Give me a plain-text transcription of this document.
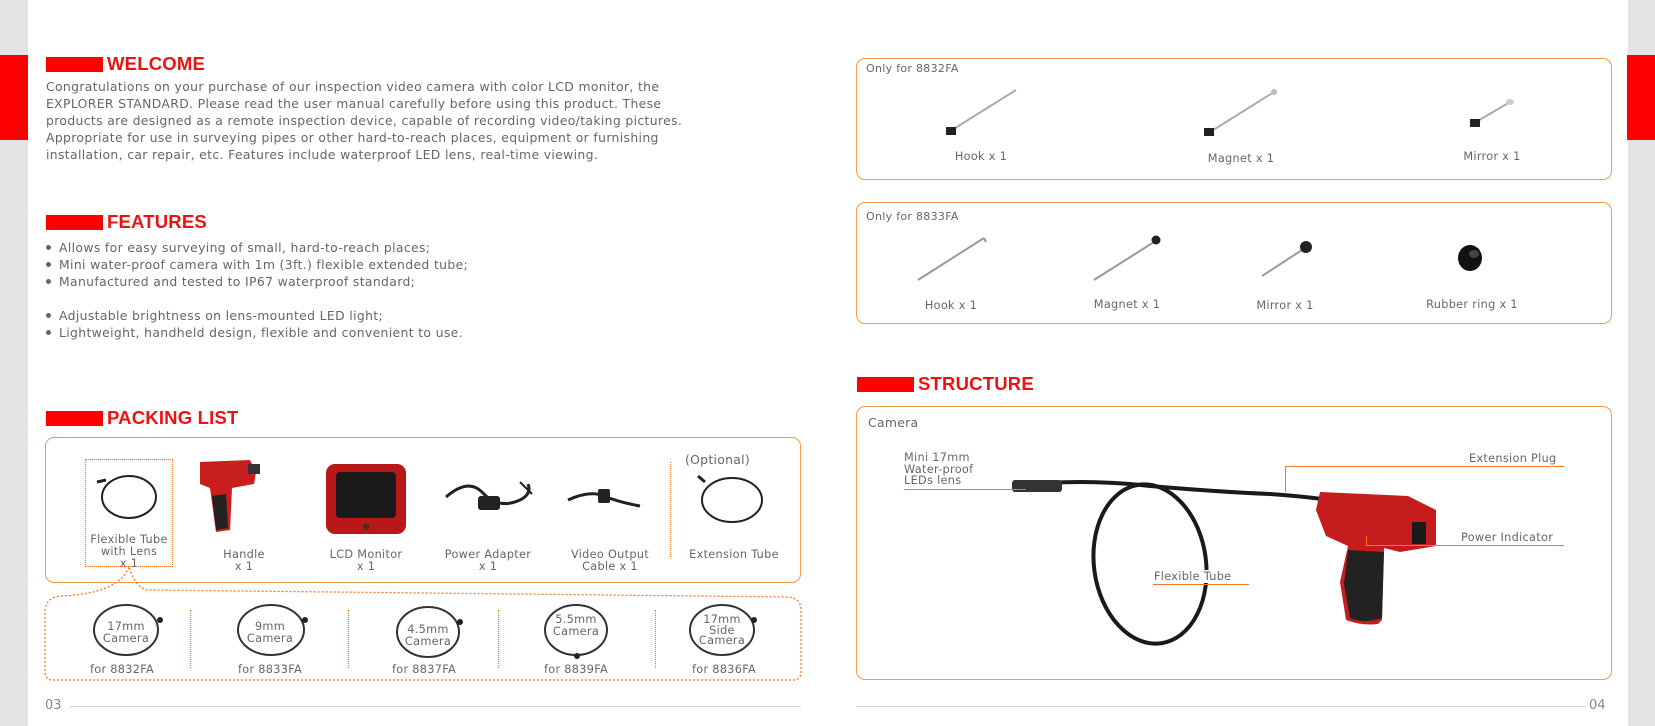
WELCOME
Congratulations on your purchase of our inspection video camera with color LCD monitor, the
EXPLORER STANDARD. Please read the user manual carefully before using this product. These
products are designed as a remote inspection device, capable of recording video/taking pictures.
Appropriate for use in surveying pipes or other hard-to-reach places, equipment or furnishing
installation, car repair, etc. Features include waterproof LED lens, real-time viewing.
FEATURES
Allows for easy surveying of small, hard-to-reach places;
Mini water-proof camera with 1m (3ft.) flexible extended tube;
Manufactured and tested to IP67 waterproof standard;
Adjustable brightness on lens-mounted LED light;
Lightweight, handheld design, flexible and convenient to use.
PACKING LIST
(Optional)
Flexible Tube
with Lens
x 1
Handle
x 1
LCD Monitor
x 1
Power Adapter
x 1
Video Output
Cable x 1
Extension Tube
17mm
Camera
9mm
Camera
4.5mm
Camera
5.5mm
Camera
17mm
Side
Camera
for 8832FA	for 8833FA	for 8837FA	for 8839FA	for 8836FA
03
Only for 8832FA
Hook x 1	Magnet x 1	Mirror x 1
Only for 8833FA
Hook x 1	Magnet x 1	Mirror x 1	Rubber ring x 1
STRUCTURE
Camera
Mini 17mm
Water-proof
LEDs lens
Extension Plug
Power Indicator
Flexible Tube
04
